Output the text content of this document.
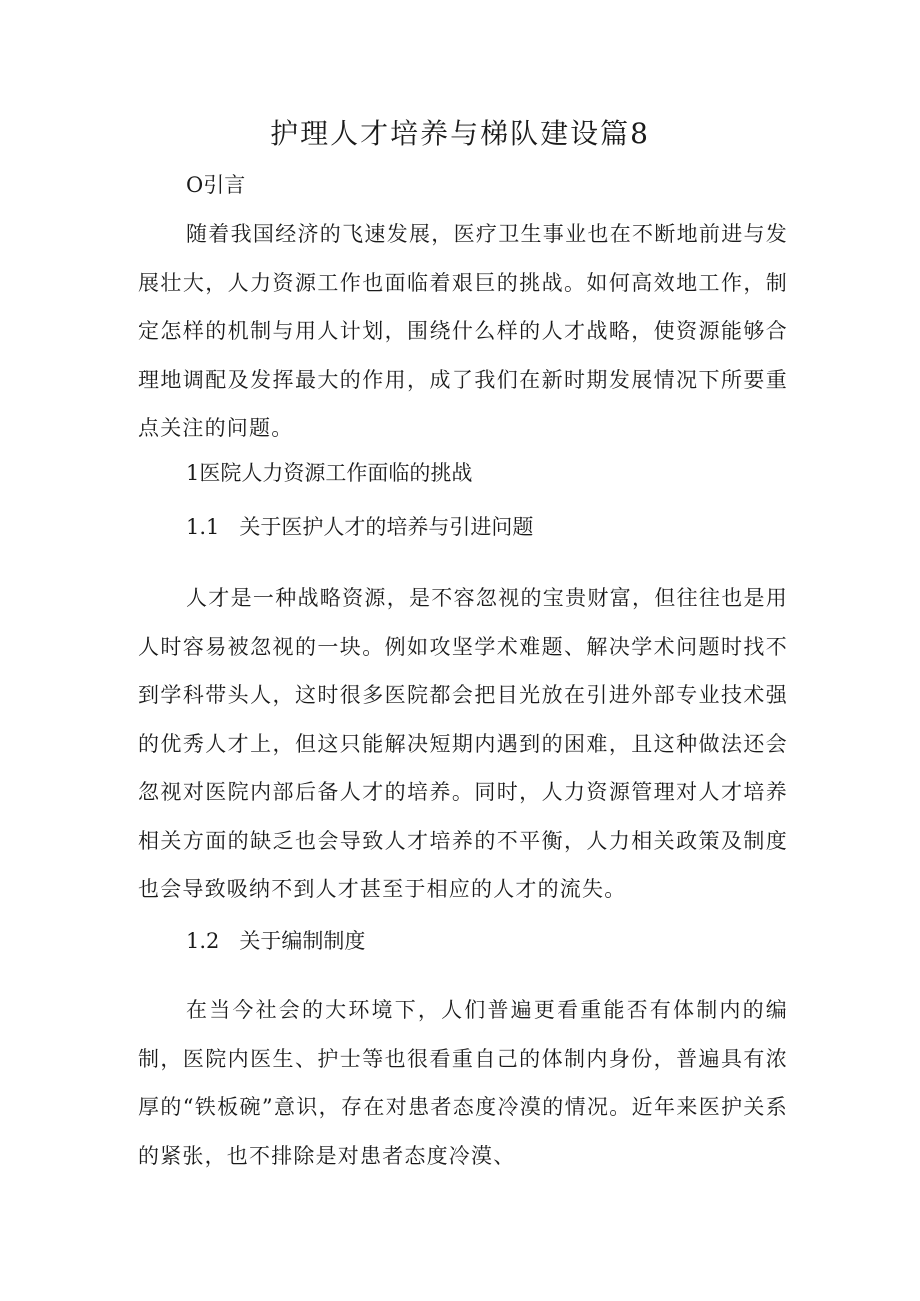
护理人才培养与梯队建设篇8

O引言

随着我国经济的飞速发展，医疗卫生事业也在不断地前进与发展壮大，人力资源工作也面临着艰巨的挑战。如何高效地工作，制定怎样的机制与用人计划，围绕什么样的人才战略，使资源能够合理地调配及发挥最大的作用，成了我们在新时期发展情况下所要重点关注的问题。

1医院人力资源工作面临的挑战

1.1 关于医护人才的培养与引进问题

人才是一种战略资源，是不容忽视的宝贵财富，但往往也是用人时容易被忽视的一块。例如攻坚学术难题、解决学术问题时找不到学科带头人，这时很多医院都会把目光放在引进外部专业技术强的优秀人才上，但这只能解决短期内遇到的困难，且这种做法还会忽视对医院内部后备人才的培养。同时，人力资源管理对人才培养相关方面的缺乏也会导致人才培养的不平衡，人力相关政策及制度也会导致吸纳不到人才甚至于相应的人才的流失。

1.2 关于编制制度

在当今社会的大环境下，人们普遍更看重能否有体制内的编制，医院内医生、护士等也很看重自己的体制内身份，普遍具有浓厚的“铁板碗”意识，存在对患者态度冷漠的情况。近年来医护关系的紧张，也不排除是对患者态度冷漠、
